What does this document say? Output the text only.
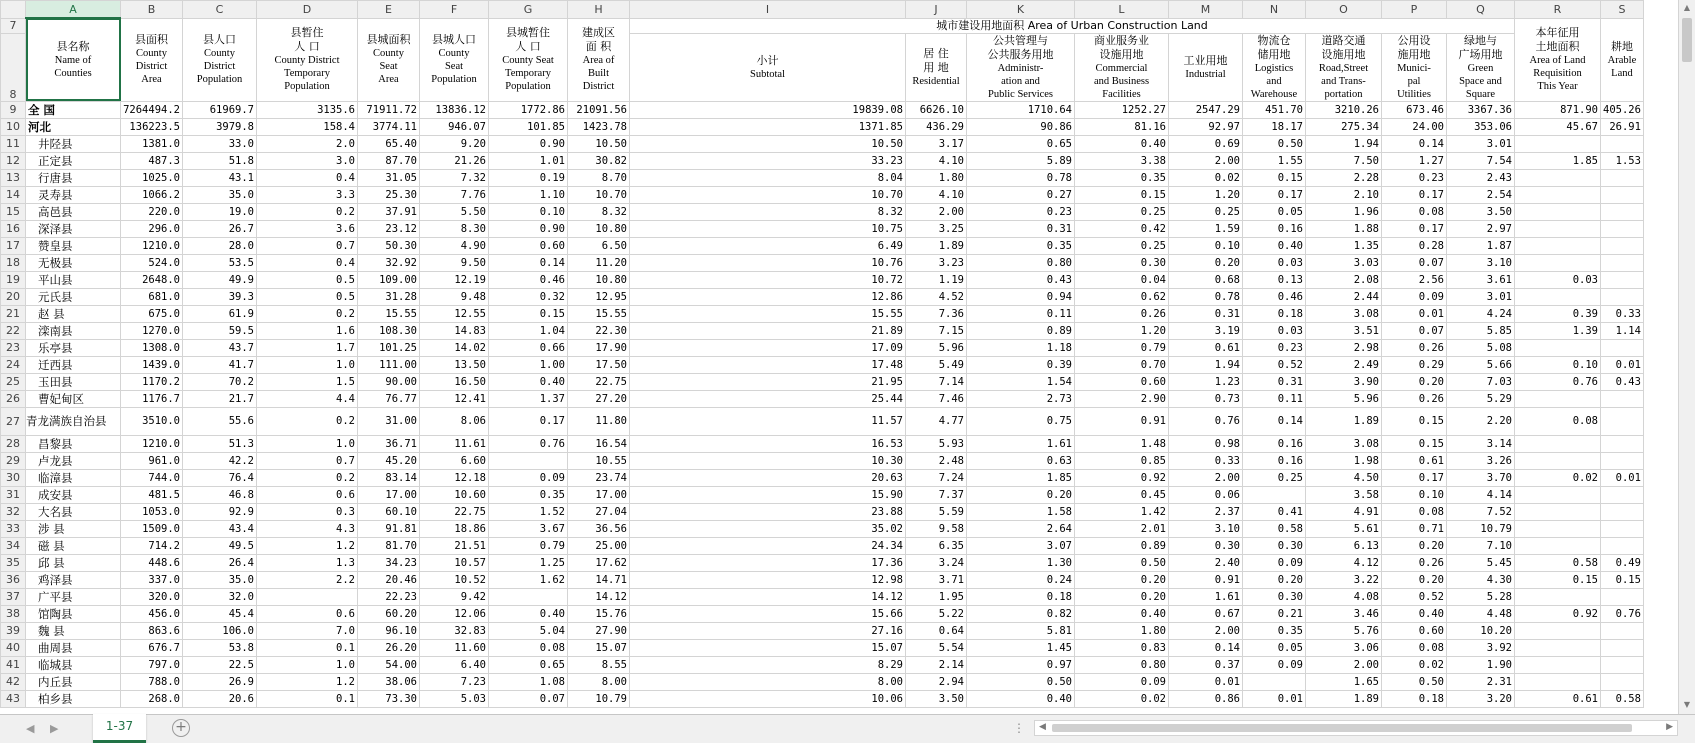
	A	B	C	D	E	F	G	H	I	J	K	L	M	N	O	P	Q	R	S
7	县名称
Name of
Counties	县面积
County
District
Area	县人口
County
District
Population	县暂住
人 口
County District
Temporary
Population	县城面积
County
Seat
Area	县城人口
County
Seat
Population	县城暂住
人 口
County Seat
Temporary
Population	建成区
面 积
Area of
Built
District	城市建设用地面积 Area of Urban Construction Land									本年征用
土地面积
Area of Land
Requisition
This Year	耕地
Arable
Land
8									小计
Subtotal	居 住
用 地
Residential	公共管理与
公共服务用地
Administr-
ation and
Public Services	商业服务业
设施用地
Commercial
and Business
Facilities	工业用地
Industrial	物流仓
储用地
Logistics
and
Warehouse	道路交通
设施用地
Road,Street
and Trans-
portation	公用设
施用地
Munici-
pal
Utilities	绿地与
广场用地
Green
Space and
Square		
9	全 国	7264494.2	61969.7	3135.6	71911.72	13836.12	1772.86	21091.56	19839.08	6626.10	1710.64	1252.27	2547.29	451.70	3210.26	673.46	3367.36	871.90	405.26
10	河北	136223.5	3979.8	158.4	3774.11	946.07	101.85	1423.78	1371.85	436.29	90.86	81.16	92.97	18.17	275.34	24.00	353.06	45.67	26.91
11	井陉县	1381.0	33.0	2.0	65.40	9.20	0.90	10.50	10.50	3.17	0.65	0.40	0.69	0.50	1.94	0.14	3.01		
12	正定县	487.3	51.8	3.0	87.70	21.26	1.01	30.82	33.23	4.10	5.89	3.38	2.00	1.55	7.50	1.27	7.54	1.85	1.53
13	行唐县	1025.0	43.1	0.4	31.05	7.32	0.19	8.70	8.04	1.80	0.78	0.35	0.02	0.15	2.28	0.23	2.43		
14	灵寿县	1066.2	35.0	3.3	25.30	7.76	1.10	10.70	10.70	4.10	0.27	0.15	1.20	0.17	2.10	0.17	2.54		
15	高邑县	220.0	19.0	0.2	37.91	5.50	0.10	8.32	8.32	2.00	0.23	0.25	0.25	0.05	1.96	0.08	3.50		
16	深泽县	296.0	26.7	3.6	23.12	8.30	0.90	10.80	10.75	3.25	0.31	0.42	1.59	0.16	1.88	0.17	2.97		
17	赞皇县	1210.0	28.0	0.7	50.30	4.90	0.60	6.50	6.49	1.89	0.35	0.25	0.10	0.40	1.35	0.28	1.87		
18	无极县	524.0	53.5	0.4	32.92	9.50	0.14	11.20	10.76	3.23	0.80	0.30	0.20	0.03	3.03	0.07	3.10		
19	平山县	2648.0	49.9	0.5	109.00	12.19	0.46	10.80	10.72	1.19	0.43	0.04	0.68	0.13	2.08	2.56	3.61	0.03	
20	元氏县	681.0	39.3	0.5	31.28	9.48	0.32	12.95	12.86	4.52	0.94	0.62	0.78	0.46	2.44	0.09	3.01		
21	赵 县	675.0	61.9	0.2	15.55	12.55	0.15	15.55	15.55	7.36	0.11	0.26	0.31	0.18	3.08	0.01	4.24	0.39	0.33
22	滦南县	1270.0	59.5	1.6	108.30	14.83	1.04	22.30	21.89	7.15	0.89	1.20	3.19	0.03	3.51	0.07	5.85	1.39	1.14
23	乐亭县	1308.0	43.7	1.7	101.25	14.02	0.66	17.90	17.09	5.96	1.18	0.79	0.61	0.23	2.98	0.26	5.08		
24	迁西县	1439.0	41.7	1.0	111.00	13.50	1.00	17.50	17.48	5.49	0.39	0.70	1.94	0.52	2.49	0.29	5.66	0.10	0.01
25	玉田县	1170.2	70.2	1.5	90.00	16.50	0.40	22.75	21.95	7.14	1.54	0.60	1.23	0.31	3.90	0.20	7.03	0.76	0.43
26	曹妃甸区	1176.7	21.7	4.4	76.77	12.41	1.37	27.20	25.44	7.46	2.73	2.90	0.73	0.11	5.96	0.26	5.29		
27	青龙满族自治县	3510.0	55.6	0.2	31.00	8.06	0.17	11.80	11.57	4.77	0.75	0.91	0.76	0.14	1.89	0.15	2.20	0.08	
28	昌黎县	1210.0	51.3	1.0	36.71	11.61	0.76	16.54	16.53	5.93	1.61	1.48	0.98	0.16	3.08	0.15	3.14		
29	卢龙县	961.0	42.2	0.7	45.20	6.60		10.55	10.30	2.48	0.63	0.85	0.33	0.16	1.98	0.61	3.26		
30	临漳县	744.0	76.4	0.2	83.14	12.18	0.09	23.74	20.63	7.24	1.85	0.92	2.00	0.25	4.50	0.17	3.70	0.02	0.01
31	成安县	481.5	46.8	0.6	17.00	10.60	0.35	17.00	15.90	7.37	0.20	0.45	0.06		3.58	0.10	4.14		
32	大名县	1053.0	92.9	0.3	60.10	22.75	1.52	27.04	23.88	5.59	1.58	1.42	2.37	0.41	4.91	0.08	7.52		
33	涉 县	1509.0	43.4	4.3	91.81	18.86	3.67	36.56	35.02	9.58	2.64	2.01	3.10	0.58	5.61	0.71	10.79		
34	磁 县	714.2	49.5	1.2	81.70	21.51	0.79	25.00	24.34	6.35	3.07	0.89	0.30	0.30	6.13	0.20	7.10		
35	邱 县	448.6	26.4	1.3	34.23	10.57	1.25	17.62	17.36	3.24	1.30	0.50	2.40	0.09	4.12	0.26	5.45	0.58	0.49
36	鸡泽县	337.0	35.0	2.2	20.46	10.52	1.62	14.71	12.98	3.71	0.24	0.20	0.91	0.20	3.22	0.20	4.30	0.15	0.15
37	广平县	320.0	32.0		22.23	9.42		14.12	14.12	1.95	0.18	0.20	1.61	0.30	4.08	0.52	5.28		
38	馆陶县	456.0	45.4	0.6	60.20	12.06	0.40	15.76	15.66	5.22	0.82	0.40	0.67	0.21	3.46	0.40	4.48	0.92	0.76
39	魏 县	863.6	106.0	7.0	96.10	32.83	5.04	27.90	27.16	0.64	5.81	1.80	2.00	0.35	5.76	0.60	10.20		
40	曲周县	676.7	53.8	0.1	26.20	11.60	0.08	15.07	15.07	5.54	1.45	0.83	0.14	0.05	3.06	0.08	3.92		
41	临城县	797.0	22.5	1.0	54.00	6.40	0.65	8.55	8.29	2.14	0.97	0.80	0.37	0.09	2.00	0.02	1.90		
42	内丘县	788.0	26.9	1.2	38.06	7.23	1.08	8.00	8.00	2.94	0.50	0.09	0.01		1.65	0.50	2.31		
43	柏乡县	268.0	20.6	0.1	73.30	5.03	0.07	10.79	10.06	3.50	0.40	0.02	0.86	0.01	1.89	0.18	3.20	0.61	0.58
▲
▼
◀ ▶	1-37	+	⋮ ◀	▶
